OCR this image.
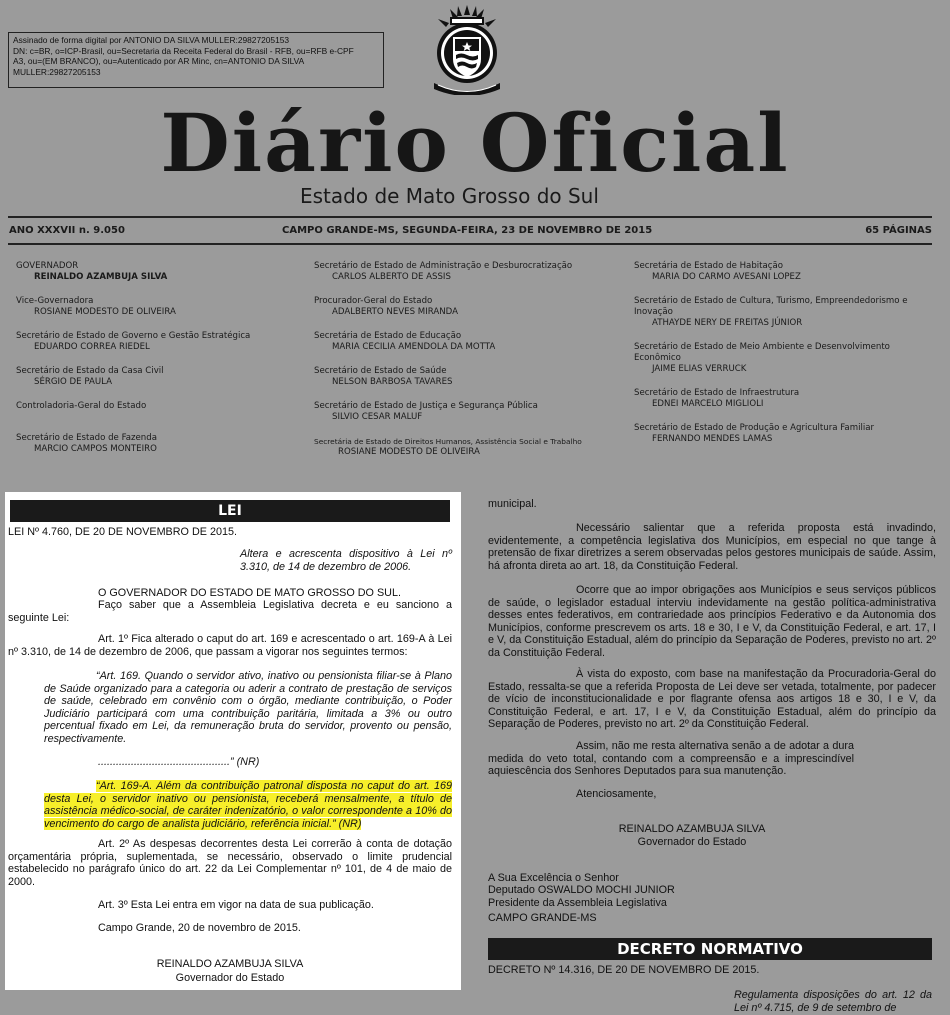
Assinado de forma digital por ANTONIO DA SILVA MULLER:29827205153
DN: c=BR, o=ICP-Brasil, ou=Secretaria da Receita Federal do Brasil - RFB, ou=RFB e-CPF
A3, ou=(EM BRANCO), ou=Autenticado por AR Minc, cn=ANTONIO DA SILVA
MULLER:29827205153
Diário Oficial
Estado de Mato Grosso do Sul
ANO XXXVII n. 9.050	CAMPO GRANDE-MS, SEGUNDA-FEIRA, 23 DE NOVEMBRO DE 2015	65 PÁGINAS
GOVERNADOR
REINALDO AZAMBUJA SILVA
Vice-Governadora
ROSIANE MODESTO DE OLIVEIRA
Secretário de Estado de Governo e Gestão Estratégica
EDUARDO CORREA RIEDEL
Secretário de Estado da Casa Civil
SÉRGIO DE PAULA
Controladoria-Geral do Estado
Secretário de Estado de Fazenda
MARCIO CAMPOS MONTEIRO
Secretário de Estado de Administração e Desburocratização
CARLOS ALBERTO DE ASSIS
Procurador-Geral do Estado
ADALBERTO NEVES MIRANDA
Secretária de Estado de Educação
MARIA CECILIA AMENDOLA DA MOTTA
Secretário de Estado de Saúde
NELSON BARBOSA TAVARES
Secretário de Estado de Justiça e Segurança Pública
SILVIO CESAR MALUF
Secretária de Estado de Direitos Humanos, Assistência Social e Trabalho
ROSIANE MODESTO DE OLIVEIRA
Secretária de Estado de Habitação
MARIA DO CARMO AVESANI LOPEZ
Secretário de Estado de Cultura, Turismo, Empreendedorismo e Inovação
ATHAYDE NERY DE FREITAS JÚNIOR
Secretário de Estado de Meio Ambiente e Desenvolvimento Econômico
JAIME ELIAS VERRUCK
Secretário de Estado de Infraestrutura
EDNEI MARCELO MIGLIOLI
Secretário de Estado de Produção e Agricultura Familiar
FERNANDO MENDES LAMAS
LEI
LEI Nº 4.760, DE 20 DE NOVEMBRO DE 2015.
Altera e acrescenta dispositivo à Lei nº 3.310, de 14 de dezembro de 2006.
O GOVERNADOR DO ESTADO DE MATO GROSSO DO SUL.
Faço saber que a Assembleia Legislativa decreta e eu sanciono a seguinte Lei:
Art. 1º Fica alterado o caput do art. 169 e acrescentado o art. 169-A à Lei nº 3.310, de 14 de dezembro de 2006, que passam a vigorar nos seguintes termos:
“Art. 169. Quando o servidor ativo, inativo ou pensionista filiar-se à Plano de Saúde organizado para a categoria ou aderir a contrato de prestação de serviços de saúde, celebrado em convênio com o órgão, mediante contribuição, o Poder Judiciário participará com uma contribuição paritária, limitada a 3% ou outro percentual fixado em Lei, da remuneração bruta do servidor, provento ou pensão, respectivamente.
............................................” (NR)
“Art. 169-A. Além da contribuição patronal disposta no caput do art. 169 desta Lei, o servidor inativo ou pensionista, receberá mensalmente, a título de assistência médico-social, de caráter indenizatório, o valor correspondente a 10% do vencimento do cargo de analista judiciário, referência inicial.” (NR)
Art. 2º As despesas decorrentes desta Lei correrão à conta de dotação orçamentária própria, suplementada, se necessário, observado o limite prudencial estabelecido no parágrafo único do art. 22 da Lei Complementar nº 101, de 4 de maio de 2000.
Art. 3º Esta Lei entra em vigor na data de sua publicação.
Campo Grande, 20 de novembro de 2015.
REINALDO AZAMBUJA SILVA
Governador do Estado
municipal.
Necessário salientar que a referida proposta está invadindo, evidentemente, a competência legislativa dos Municípios, em especial no que tange à pretensão de fixar diretrizes a serem observadas pelos gestores municipais de saúde. Assim, há afronta direta ao art. 18, da Constituição Federal.
Ocorre que ao impor obrigações aos Municípios e seus serviços públicos de saúde, o legislador estadual interviu indevidamente na gestão política-administrativa desses entes federativos, em contrariedade aos princípios Federativo e da Autonomia dos Municípios, conforme prescrevem os arts. 18 e 30, I e V, da Constituição Federal, e art. 17, I e V, da Constituição Estadual, além do princípio da Separação de Poderes, previsto no art. 2º da Constituição Federal.
À vista do exposto, com base na manifestação da Procuradoria-Geral do Estado, ressalta-se que a referida Proposta de Lei deve ser vetada, totalmente, por padecer de vício de inconstitucionalidade e por flagrante ofensa aos artigos 18 e 30, I e V, da Constituição Federal, e art. 17, I e V, da Constituição Estadual, além do princípio da Separação de Poderes, previsto no art. 2º da Constituição Federal.
Assim, não me resta alternativa senão a de adotar a dura medida do veto total, contando com a compreensão e a imprescindível aquiescência dos Senhores Deputados para sua manutenção.
Atenciosamente,
REINALDO AZAMBUJA SILVA
Governador do Estado
A Sua Excelência o Senhor
Deputado OSWALDO MOCHI JUNIOR
Presidente da Assembleia Legislativa
CAMPO GRANDE-MS
DECRETO NORMATIVO
DECRETO Nº 14.316, DE 20 DE NOVEMBRO DE 2015.
Regulamenta disposições do art. 12 da Lei nº 4.715, de 9 de setembro de
